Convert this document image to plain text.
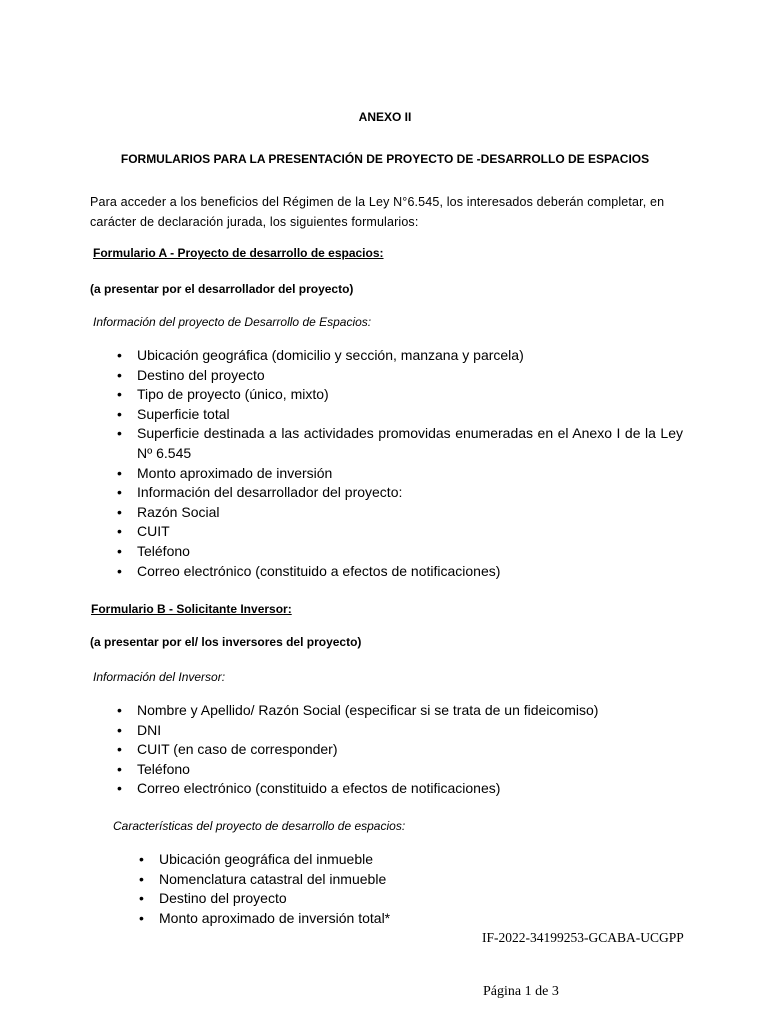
ANEXO II

FORMULARIOS PARA LA PRESENTACIÓN DE PROYECTO DE -DESARROLLO DE ESPACIOS

Para acceder a los beneficios del Régimen de la Ley N°6.545, los interesados deberán completar, en carácter de declaración jurada, los siguientes formularios:

Formulario A - Proyecto de desarrollo de espacios:

(a presentar por el desarrollador del proyecto)

Información del proyecto de Desarrollo de Espacios:

• Ubicación geográfica (domicilio y sección, manzana y parcela)
• Destino del proyecto
• Tipo de proyecto (único, mixto)
• Superficie total
• Superficie destinada a las actividades promovidas enumeradas en el Anexo I de la Ley Nº 6.545
• Monto aproximado de inversión
• Información del desarrollador del proyecto:
• Razón Social
• CUIT
• Teléfono
• Correo electrónico (constituido a efectos de notificaciones)

Formulario B - Solicitante Inversor:

(a presentar por el/ los inversores del proyecto)

Información del Inversor:

• Nombre y Apellido/ Razón Social (especificar si se trata de un fideicomiso)
• DNI
• CUIT (en caso de corresponder)
• Teléfono
• Correo electrónico (constituido a efectos de notificaciones)

Características del proyecto de desarrollo de espacios:

• Ubicación geográfica del inmueble
• Nomenclatura catastral del inmueble
• Destino del proyecto
• Monto aproximado de inversión total*

IF-2022-34199253-GCABA-UCGPP

Página 1 de 3
